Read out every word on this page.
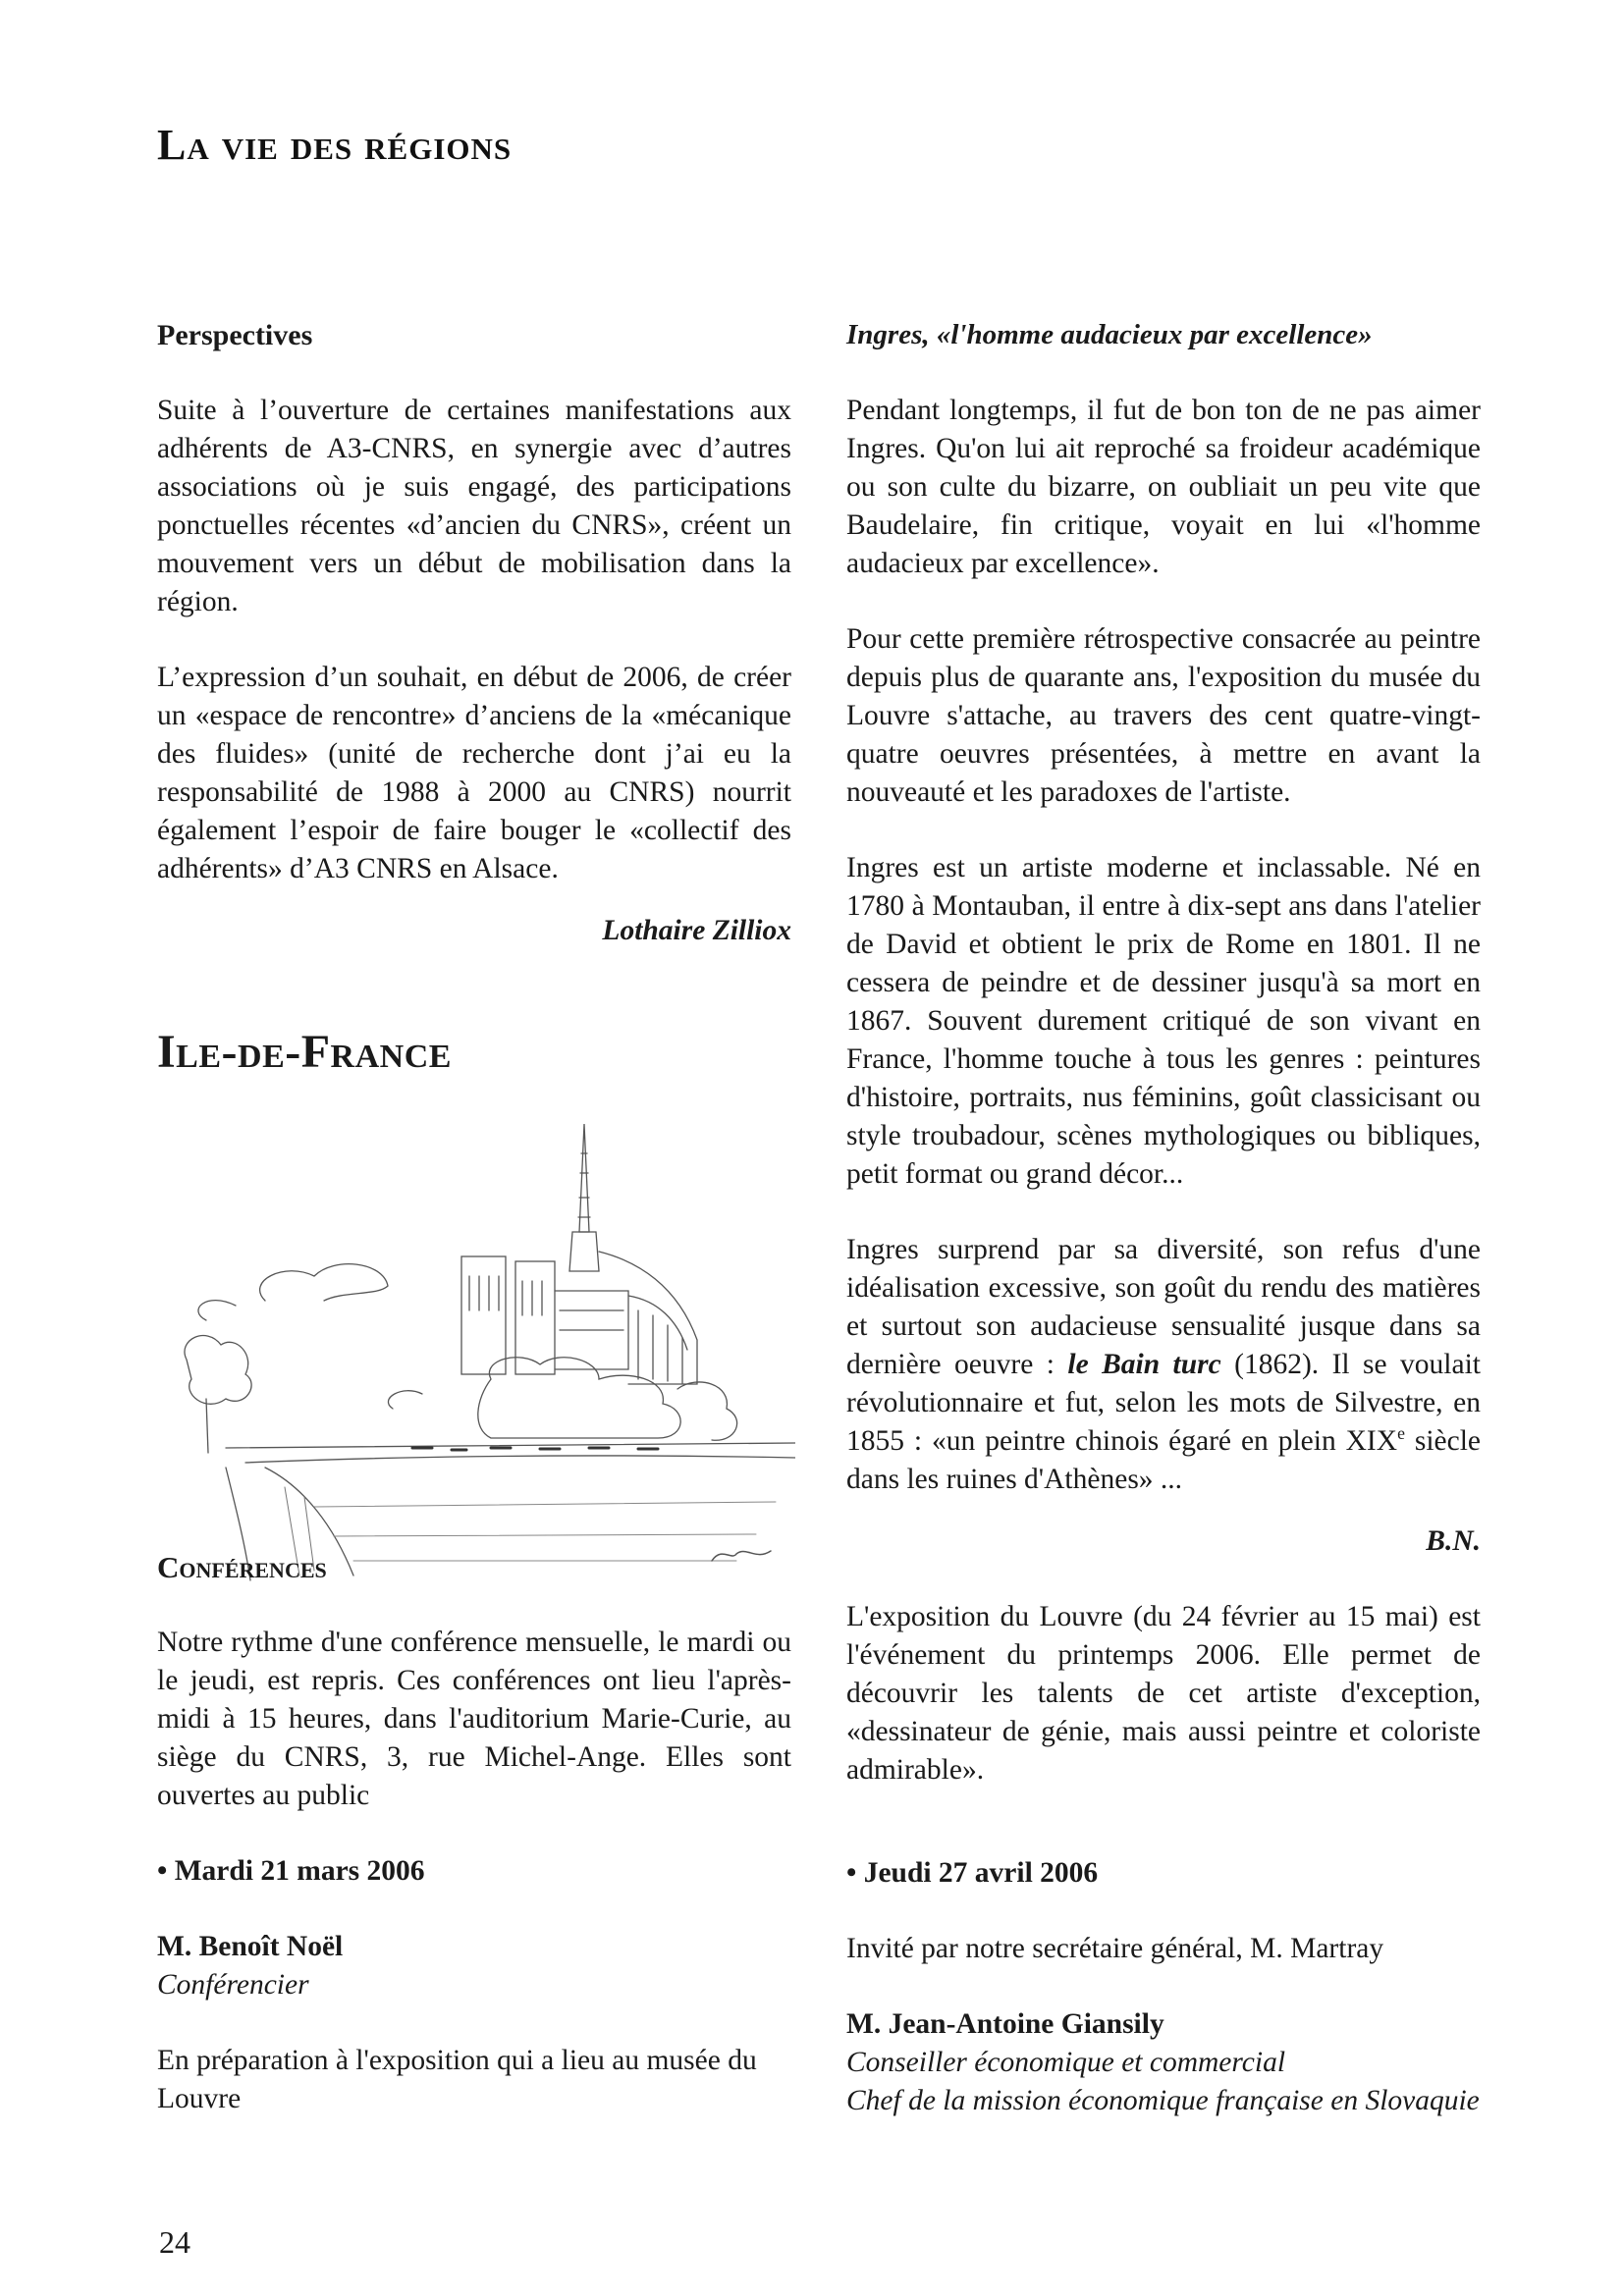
La vie des régions
Perspectives

Suite à l’ouverture de certaines manifestations aux adhérents de A3-CNRS, en synergie avec d’autres associations où je suis engagé, des participations ponctuelles récentes «d’ancien du CNRS», créent un mouvement vers un début de mobilisation dans la région.

L’expression d’un souhait, en début de 2006, de créer un «espace de rencontre» d’anciens de la «mécanique des fluides» (unité de recherche dont j’ai eu la responsabilité de 1988 à 2000 au CNRS) nourrit également l’espoir de faire bouger le «collectif des adhérents» d’A3 CNRS en Alsace.

Lothaire Zilliox

Ile-de-France
Conférences

Notre rythme d'une conférence mensuelle, le mardi ou le jeudi, est repris. Ces conférences ont lieu l'après-midi à 15 heures, dans l'auditorium Marie-Curie, au siège du CNRS, 3, rue Michel-Ange. Elles sont ouvertes au public

• Mardi 21 mars 2006

M. Benoît Noël

Conférencier

En préparation à l'exposition qui a lieu au musée du Louvre

Ingres, «l'homme audacieux par excellence»

Pendant longtemps, il fut de bon ton de ne pas aimer Ingres. Qu'on lui ait reproché sa froideur académique ou son culte du bizarre, on oubliait un peu vite que Baudelaire, fin critique, voyait en lui «l'homme audacieux par excellence».

Pour cette première rétrospective consacrée au peintre depuis plus de quarante ans, l'exposition du musée du Louvre s'attache, au travers des cent quatre-vingt-quatre oeuvres présentées, à mettre en avant la nouveauté et les paradoxes de l'artiste.

Ingres est un artiste moderne et inclassable. Né en 1780 à Montauban, il entre à dix-sept ans dans l'atelier de David et obtient le prix de Rome en 1801. Il ne cessera de peindre et de dessiner jusqu'à sa mort en 1867. Souvent durement critiqué de son vivant en France, l'homme touche à tous les genres : peintures d'histoire, portraits, nus féminins, goût classicisant ou style troubadour, scènes mythologiques ou bibliques, petit format ou grand décor...

Ingres surprend par sa diversité, son refus d'une idéalisation excessive, son goût du rendu des matières et surtout son audacieuse sensualité jusque dans sa dernière oeuvre : le Bain turc (1862). Il se voulait révolutionnaire et fut, selon les mots de Silvestre, en 1855 : «un peintre chinois égaré en plein XIXe siècle dans les ruines d'Athènes» ...

B.N.

L'exposition du Louvre (du 24 février au 15 mai) est l'événement du printemps 2006. Elle permet de découvrir les talents de cet artiste d'exception, «dessinateur de génie, mais aussi peintre et coloriste admirable».

• Jeudi 27 avril 2006

Invité par notre secrétaire général, M. Martray

M. Jean-Antoine Giansily

Conseiller économique et commercial

Chef de la mission économique française en Slovaquie

24
